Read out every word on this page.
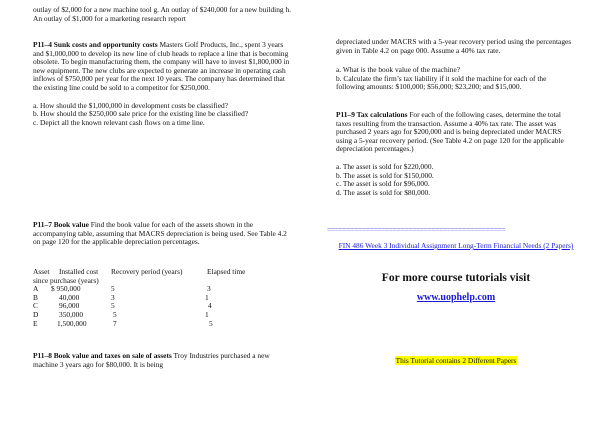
outlay of $2,000 for a new machine tool g. An outlay of $240,000 for a new building h. An outlay of $1,000 for a marketing research report

P11–4 Sunk costs and opportunity costs Masters Golf Products, Inc., spent 3 years and $1,000,000 to develop its new line of club heads to replace a line that is becoming obsolete. To begin manufacturing them, the company will have to invest $1,800,000 in new equipment. The new clubs are expected to generate an increase in operating cash inflows of $750,000 per year for the next 10 years. The company has determined that the existing line could be sold to a competitor for $250,000.

a. How should the $1,000,000 in development costs be classified?

b. How should the $250,000 sale price for the existing line be classified?

c. Depict all the known relevant cash flows on a time line.

P11–7 Book value Find the book value for each of the assets shown in the accompanying table, assuming that MACRS depreciation is being used. See Table 4.2 on page 120 for the applicable depreciation percentages.

Asset Installed cost Recovery period (years)	Elapsed time
since purchase (years)
A $ 950,000	5	3
B	40,000	3	1
C	96,000	5	4
D	350,000	5	1
E	1,500,000	7	5

P11–8 Book value and taxes on sale of assets Troy Industries purchased a new machine 3 years ago for $80,000. It is being

depreciated under MACRS with a 5-year recovery period using the percentages given in Table 4.2 on page 000. Assume a 40% tax rate.

a. What is the book value of the machine?

b. Calculate the firm’s tax liability if it sold the machine for each of the following amounts: $100,000; $56,000; $23,200; and $15,000.

P11–9 Tax calculations For each of the following cases, determine the total taxes resulting from the transaction. Assume a 40% tax rate. The asset was purchased 2 years ago for $200,000 and is being depreciated under MACRS using a 5-year recovery period. (See Table 4.2 on page 120 for the applicable depreciation percentages.)

a. The asset is sold for $220,000.

b. The asset is sold for $150,000.

c. The asset is sold for $96,000.

d. The asset is sold for $80,000.

==============================================

FIN 486 Week 3 Individual Assignment Long-Term Financial Needs (2 Papers)

For more course tutorials visit

www.uophelp.com
This Tutorial contains 2 Different Papers
